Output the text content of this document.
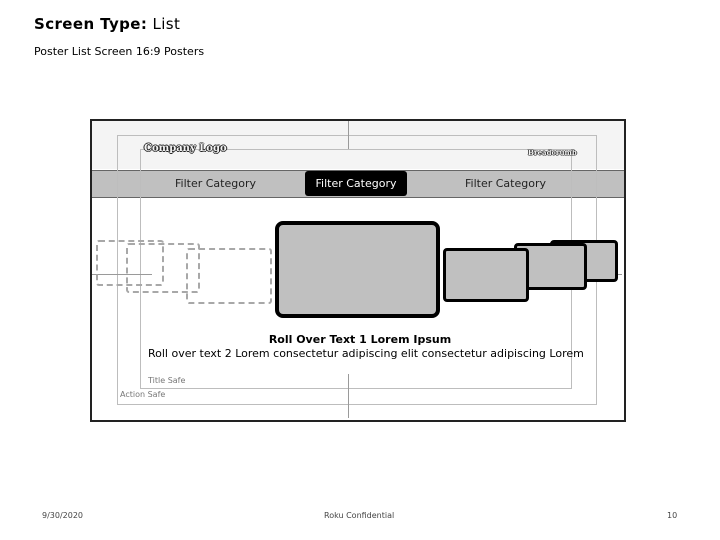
Screen Type: List
Poster List Screen 16:9 Posters
Company Logo	Breadcrumb
Filter Category	Filter Category	Filter Category
Roll Over Text 1 Lorem Ipsum
Roll over text 2 Lorem consectetur adipiscing elit consectetur adipiscing Lorem
Title Safe
Action Safe
9/30/2020	Roku Confidential	10
